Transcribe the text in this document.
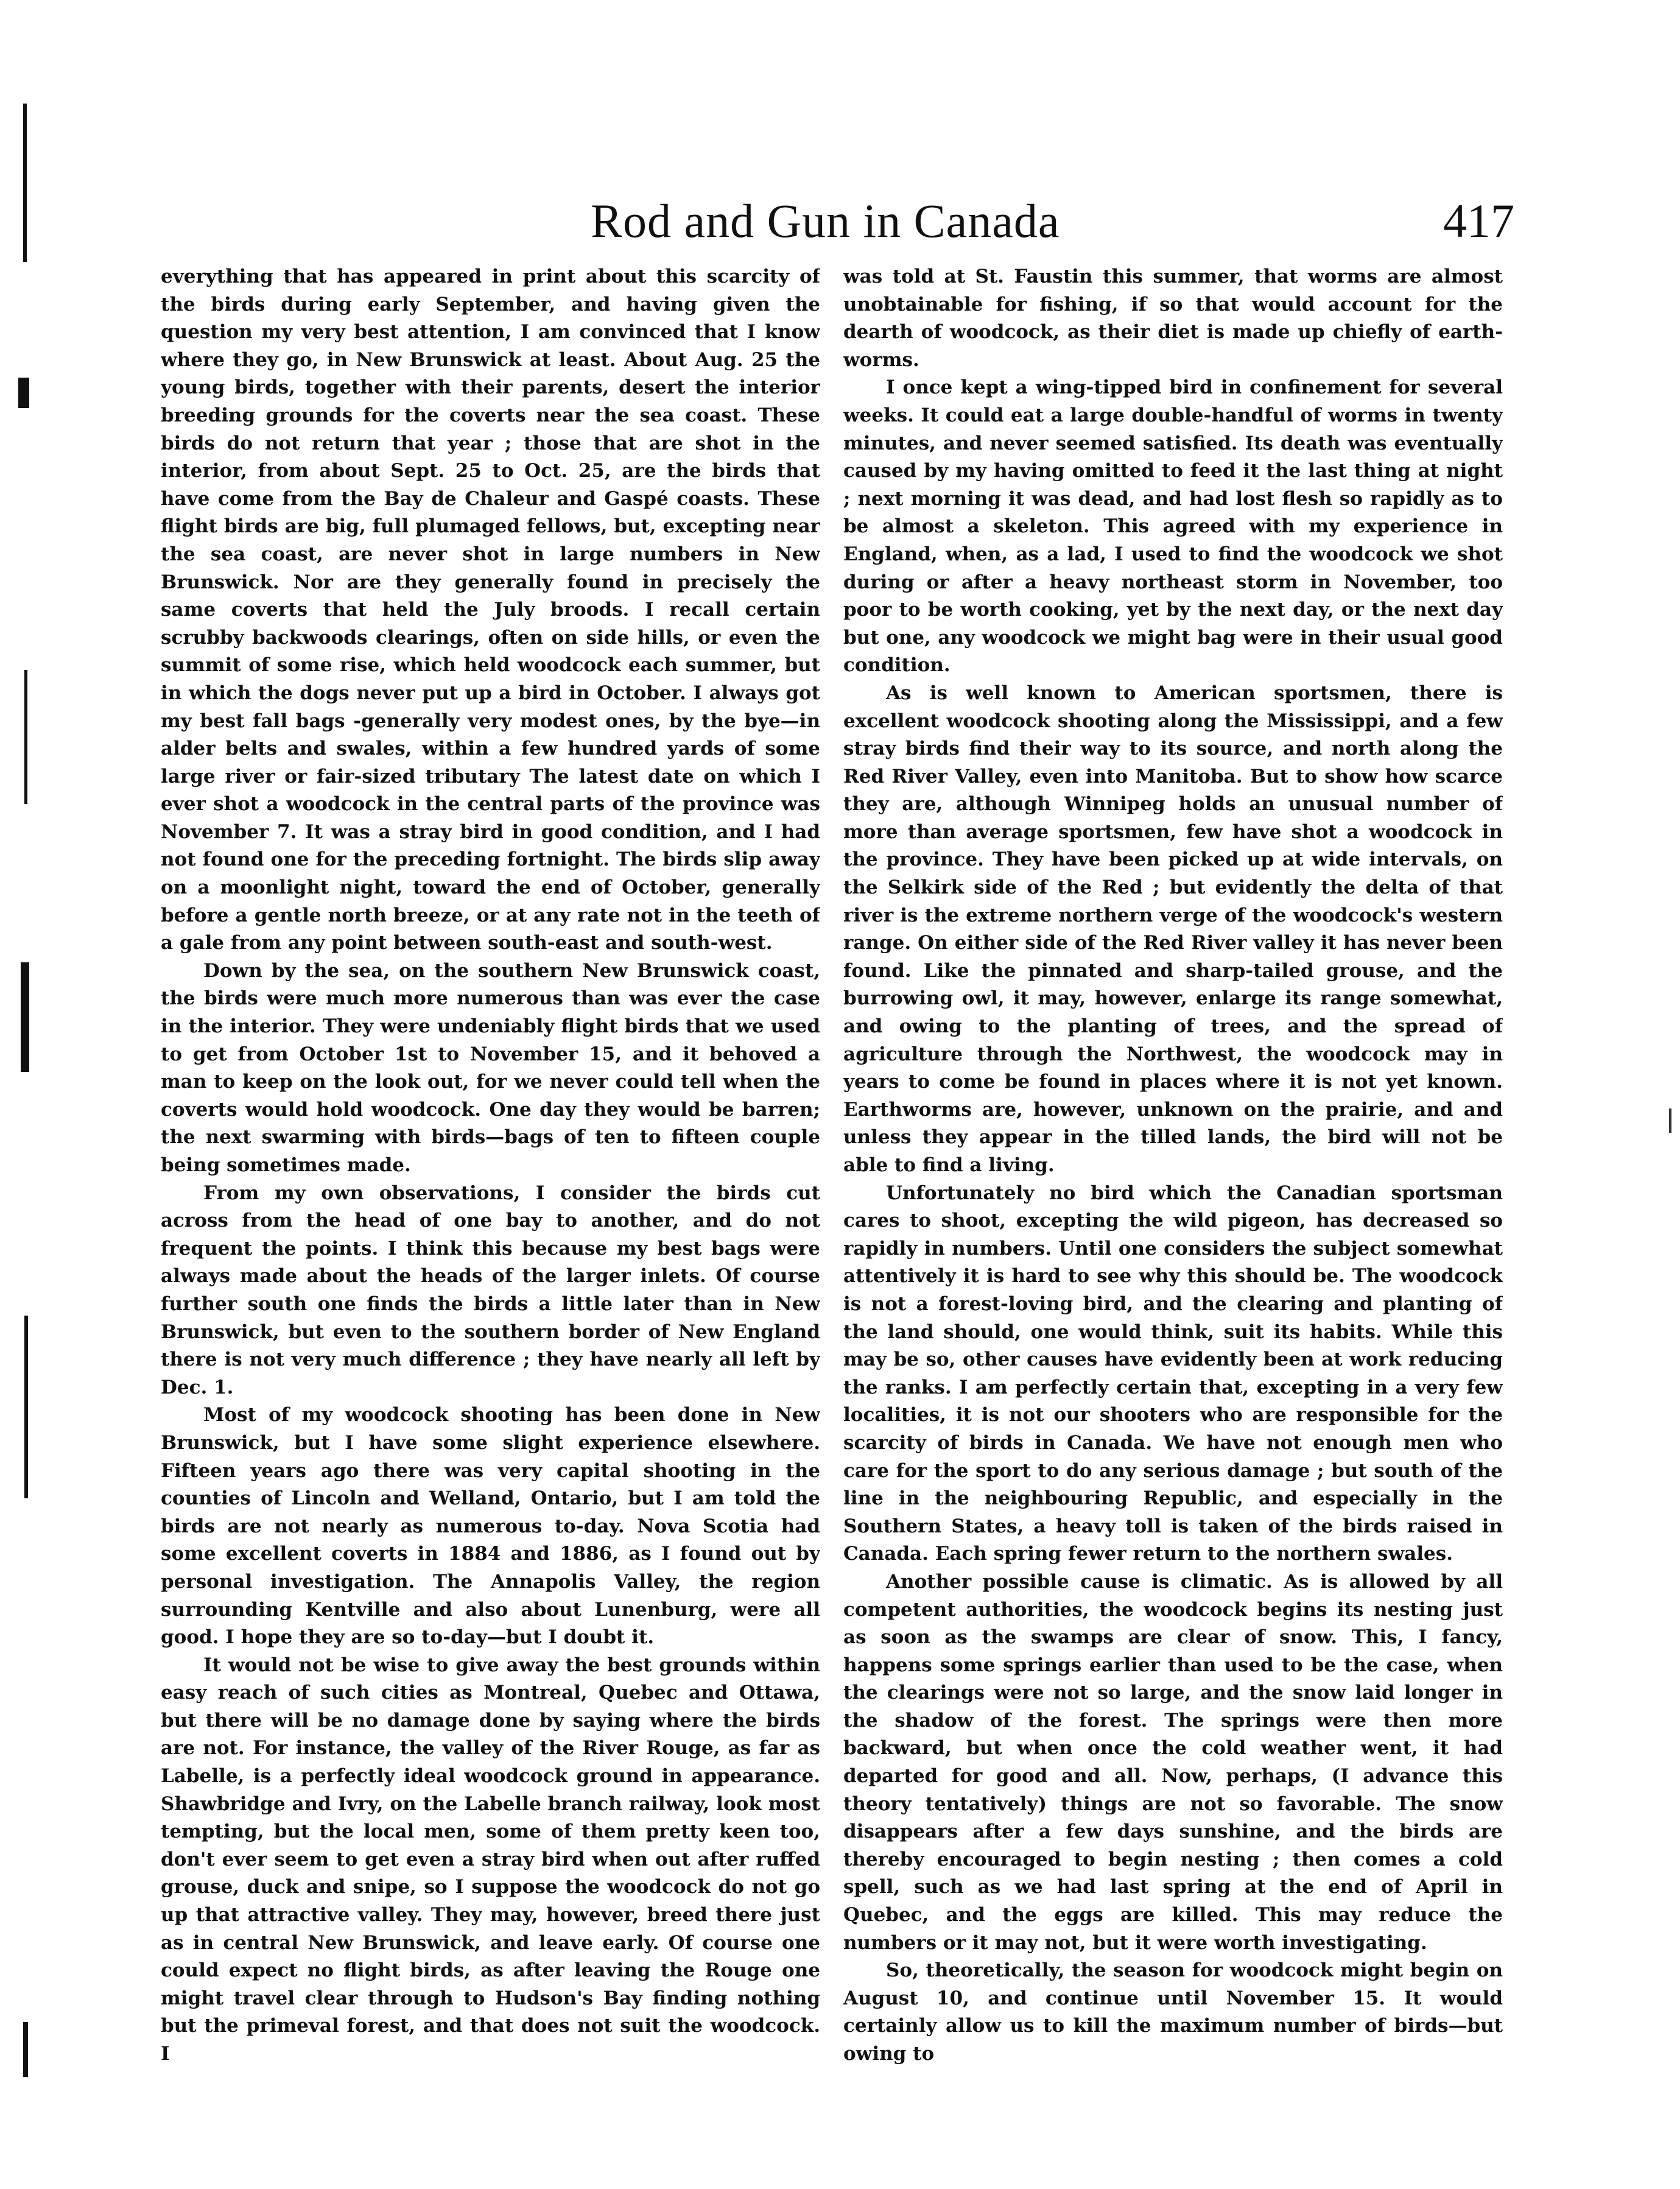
Rod and Gun in Canada	417

everything that has appeared in print about this scarcity of the birds during early September, and having given the question my very best attention, I am convinced that I know where they go, in New Brunswick at least. About Aug. 25 the young birds, together with their parents, desert the interior breeding grounds for the coverts near the sea coast. These birds do not return that year ; those that are shot in the interior, from about Sept. 25 to Oct. 25, are the birds that have come from the Bay de Chaleur and Gaspé coasts. These flight birds are big, full plumaged fellows, but, excepting near the sea coast, are never shot in large numbers in New Brunswick. Nor are they generally found in precisely the same coverts that held the July broods. I recall certain scrubby backwoods clearings, often on side hills, or even the summit of some rise, which held woodcock each summer, but in which the dogs never put up a bird in October. I always got my best fall bags -generally very modest ones, by the bye—in alder belts and swales, within a few hundred yards of some large river or fair-sized tributary The latest date on which I ever shot a woodcock in the central parts of the province was November 7. It was a stray bird in good condition, and I had not found one for the preceding fortnight. The birds slip away on a moonlight night, toward the end of October, generally before a gentle north breeze, or at any rate not in the teeth of a gale from any point between south-east and south-west.

Down by the sea, on the southern New Brunswick coast, the birds were much more numerous than was ever the case in the interior. They were undeniably flight birds that we used to get from October 1st to November 15, and it behoved a man to keep on the look out, for we never could tell when the coverts would hold woodcock. One day they would be barren; the next swarming with birds—bags of ten to fifteen couple being sometimes made.

From my own observations, I consider the birds cut across from the head of one bay to another, and do not frequent the points. I think this because my best bags were always made about the heads of the larger inlets. Of course further south one finds the birds a little later than in New Brunswick, but even to the southern border of New England there is not very much difference ; they have nearly all left by Dec. 1.

Most of my woodcock shooting has been done in New Brunswick, but I have some slight experience elsewhere. Fifteen years ago there was very capital shooting in the counties of Lincoln and Welland, Ontario, but I am told the birds are not nearly as numerous to-day. Nova Scotia had some excellent coverts in 1884 and 1886, as I found out by personal investigation. The Annapolis Valley, the region surrounding Kentville and also about Lunenburg, were all good. I hope they are so to-day—but I doubt it.

It would not be wise to give away the best grounds within easy reach of such cities as Montreal, Quebec and Ottawa, but there will be no damage done by saying where the birds are not. For instance, the valley of the River Rouge, as far as Labelle, is a perfectly ideal woodcock ground in appearance. Shawbridge and Ivry, on the Labelle branch railway, look most tempting, but the local men, some of them pretty keen too, don't ever seem to get even a stray bird when out after ruffed grouse, duck and snipe, so I suppose the woodcock do not go up that attractive valley. They may, however, breed there just as in central New Brunswick, and leave early. Of course one could expect no flight birds, as after leaving the Rouge one might travel clear through to Hudson's Bay finding nothing but the primeval forest, and that does not suit the woodcock. I

was told at St. Faustin this summer, that worms are almost unobtainable for fishing, if so that would account for the dearth of woodcock, as their diet is made up chiefly of earth-worms.

I once kept a wing-tipped bird in confinement for several weeks. It could eat a large double-handful of worms in twenty minutes, and never seemed satisfied. Its death was eventually caused by my having omitted to feed it the last thing at night ; next morning it was dead, and had lost flesh so rapidly as to be almost a skeleton. This agreed with my experience in England, when, as a lad, I used to find the woodcock we shot during or after a heavy northeast storm in November, too poor to be worth cooking, yet by the next day, or the next day but one, any woodcock we might bag were in their usual good condition.

As is well known to American sportsmen, there is excellent woodcock shooting along the Mississippi, and a few stray birds find their way to its source, and north along the Red River Valley, even into Manitoba. But to show how scarce they are, although Winnipeg holds an unusual number of more than average sportsmen, few have shot a woodcock in the province. They have been picked up at wide intervals, on the Selkirk side of the Red ; but evidently the delta of that river is the extreme northern verge of the woodcock's western range. On either side of the Red River valley it has never been found. Like the pinnated and sharp-tailed grouse, and the burrowing owl, it may, however, enlarge its range somewhat, and owing to the planting of trees, and the spread of agriculture through the Northwest, the woodcock may in years to come be found in places where it is not yet known. Earthworms are, however, unknown on the prairie, and and unless they appear in the tilled lands, the bird will not be able to find a living.

Unfortunately no bird which the Canadian sportsman cares to shoot, excepting the wild pigeon, has decreased so rapidly in numbers. Until one considers the subject somewhat attentively it is hard to see why this should be. The woodcock is not a forest-loving bird, and the clearing and planting of the land should, one would think, suit its habits. While this may be so, other causes have evidently been at work reducing the ranks. I am perfectly certain that, excepting in a very few localities, it is not our shooters who are responsible for the scarcity of birds in Canada. We have not enough men who care for the sport to do any serious damage ; but south of the line in the neighbouring Republic, and especially in the Southern States, a heavy toll is taken of the birds raised in Canada. Each spring fewer return to the northern swales.

Another possible cause is climatic. As is allowed by all competent authorities, the woodcock begins its nesting just as soon as the swamps are clear of snow. This, I fancy, happens some springs earlier than used to be the case, when the clearings were not so large, and the snow laid longer in the shadow of the forest. The springs were then more backward, but when once the cold weather went, it had departed for good and all. Now, perhaps, (I advance this theory tentatively) things are not so favorable. The snow disappears after a few days sunshine, and the birds are thereby encouraged to begin nesting ; then comes a cold spell, such as we had last spring at the end of April in Quebec, and the eggs are killed. This may reduce the numbers or it may not, but it were worth investigating.

So, theoretically, the season for woodcock might begin on August 10, and continue until November 15. It would certainly allow us to kill the maximum number of birds—but owing to
